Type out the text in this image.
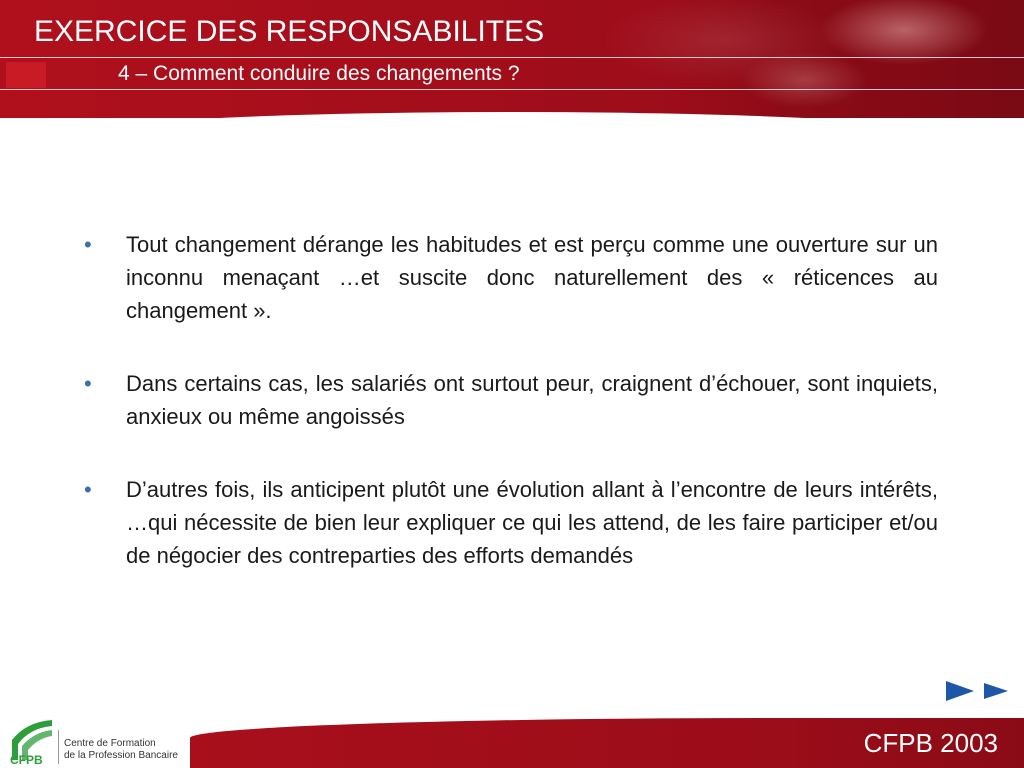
EXERCICE DES RESPONSABILITES
4 – Comment conduire des changements ?
• Tout changement dérange les habitudes et est perçu comme une ouverture sur un inconnu menaçant …et suscite donc naturellement des « réticences au changement ».
• Dans certains cas, les salariés ont surtout peur, craignent d’échouer, sont inquiets, anxieux ou même angoissés
• D’autres fois, ils anticipent plutôt une évolution allant à l’encontre de leurs intérêts, …qui nécessite de bien leur expliquer ce qui les attend, de les faire participer et/ou de négocier des contreparties des efforts demandés
CFPB 2003
CFPB
Centre de Formation
de la Profession Bancaire
